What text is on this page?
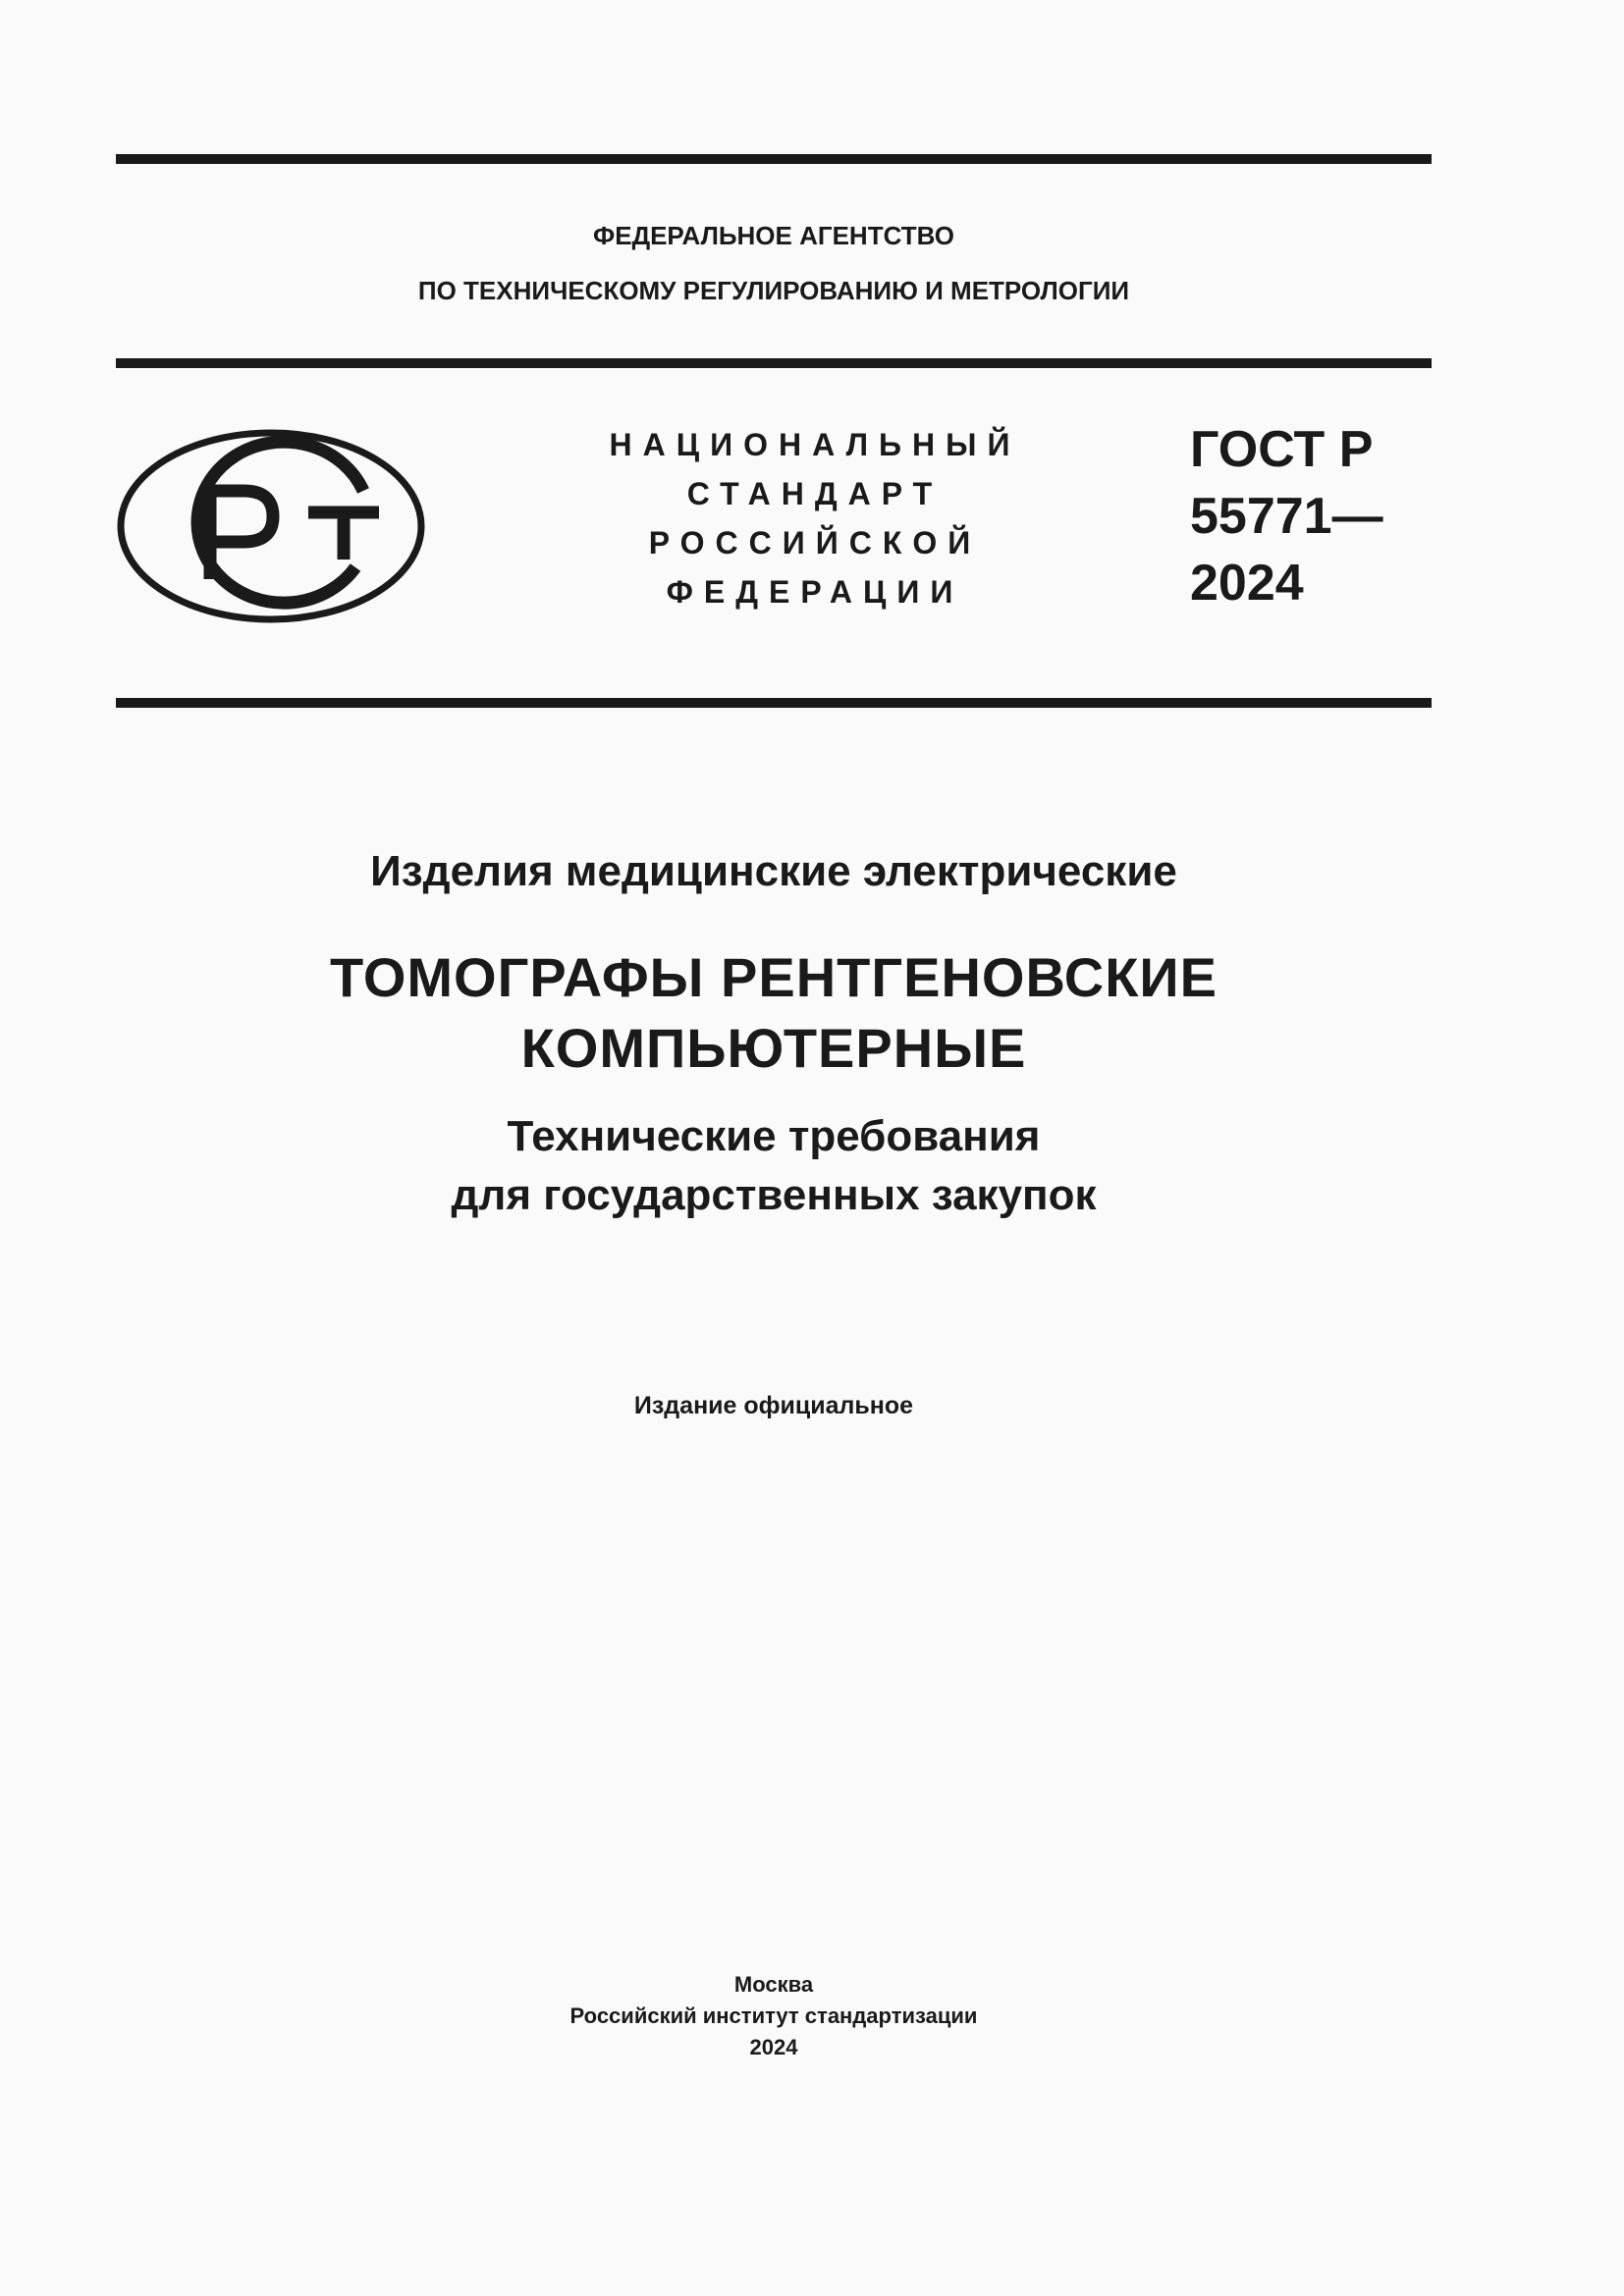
ФЕДЕРАЛЬНОЕ АГЕНТСТВО
ПО ТЕХНИЧЕСКОМУ РЕГУЛИРОВАНИЮ И МЕТРОЛОГИИ
НАЦИОНАЛЬНЫЙ
СТАНДАРТ
РОССИЙСКОЙ
ФЕДЕРАЦИИ
ГОСТ Р
55771—
2024
Изделия медицинские электрические
ТОМОГРАФЫ РЕНТГЕНОВСКИЕ
КОМПЬЮТЕРНЫЕ
Технические требования
для государственных закупок
Издание официальное
Москва
Российский институт стандартизации
2024
